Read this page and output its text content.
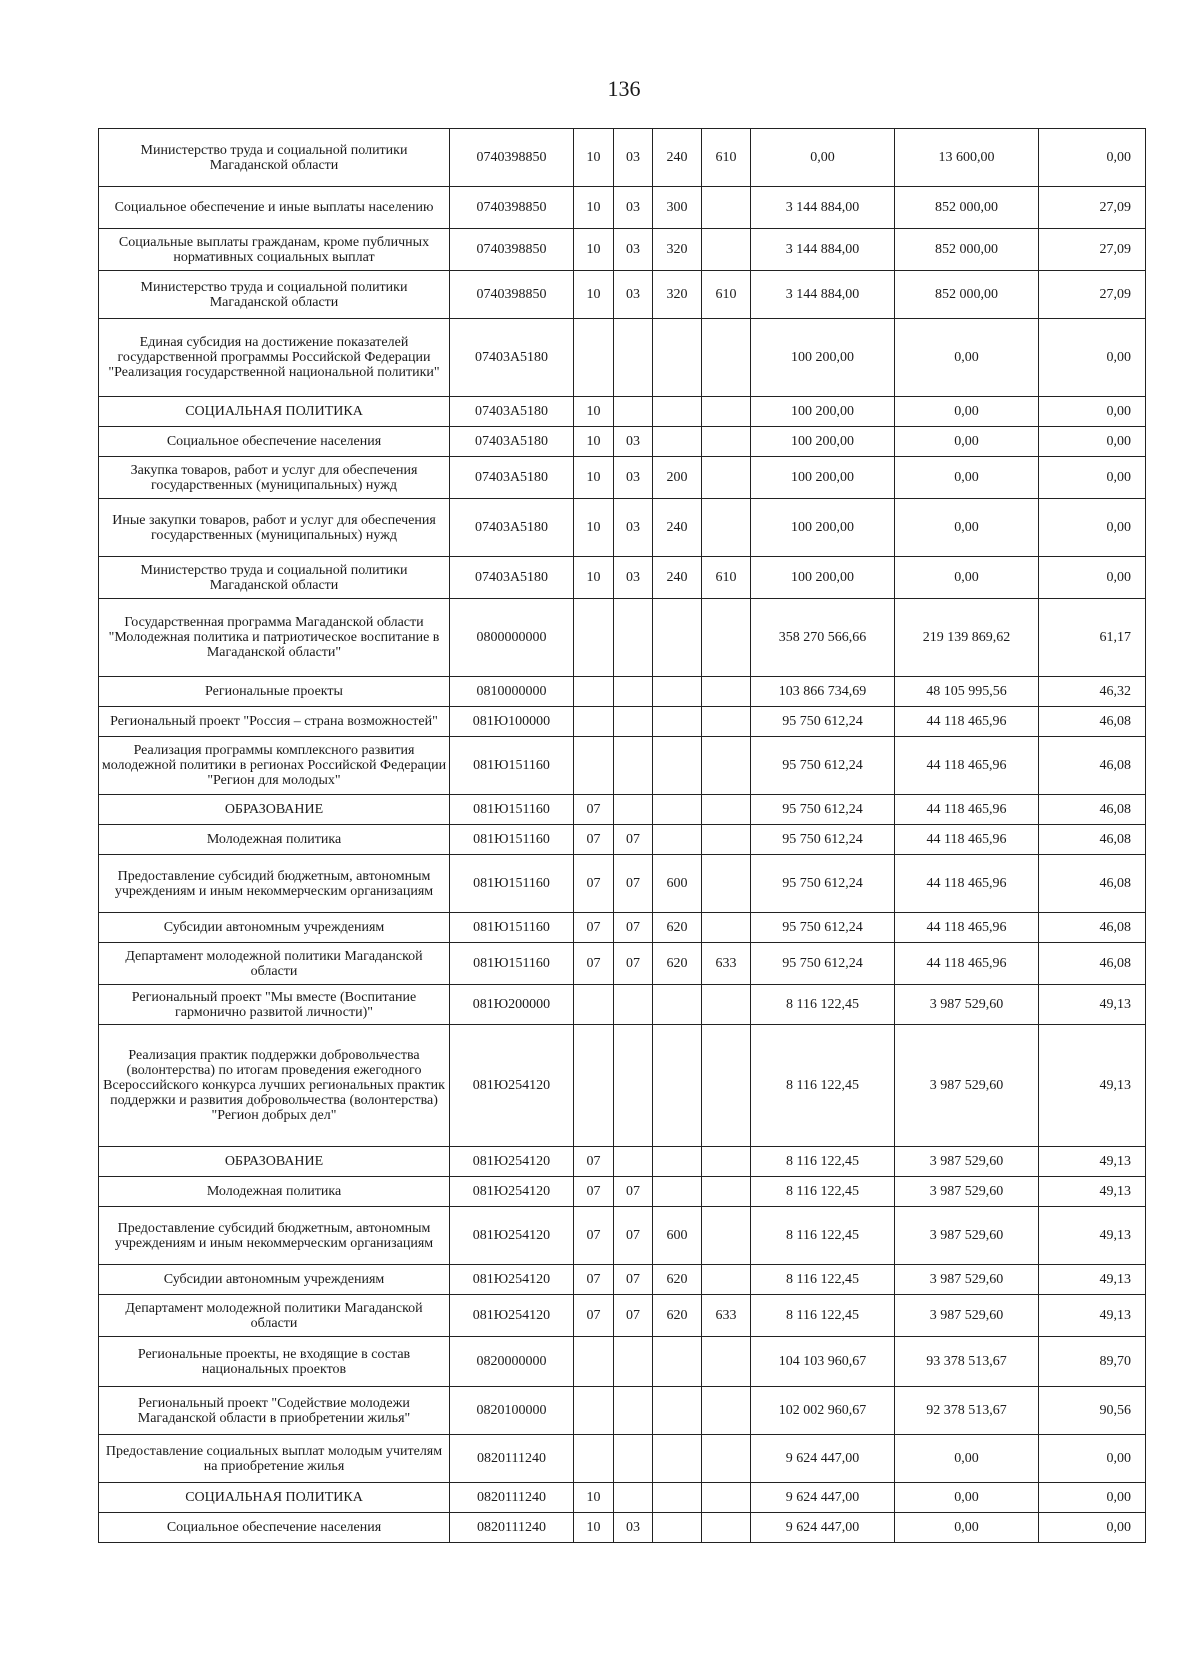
136
Министерство труда и социальной политики Магаданской области	0740398850	10	03	240	610	0,00	13 600,00	0,00
Социальное обеспечение и иные выплаты населению	0740398850	10	03	300		3 144 884,00	852 000,00	27,09
Социальные выплаты гражданам, кроме публичных нормативных социальных выплат	0740398850	10	03	320		3 144 884,00	852 000,00	27,09
Министерство труда и социальной политики Магаданской области	0740398850	10	03	320	610	3 144 884,00	852 000,00	27,09
Единая субсидия на достижение показателей государственной программы Российской Федерации "Реализация государственной национальной политики"	07403A5180					100 200,00	0,00	0,00
СОЦИАЛЬНАЯ ПОЛИТИКА	07403A5180	10				100 200,00	0,00	0,00
Социальное обеспечение населения	07403A5180	10	03			100 200,00	0,00	0,00
Закупка товаров, работ и услуг для обеспечения государственных (муниципальных) нужд	07403A5180	10	03	200		100 200,00	0,00	0,00
Иные закупки товаров, работ и услуг для обеспечения государственных (муниципальных) нужд	07403A5180	10	03	240		100 200,00	0,00	0,00
Министерство труда и социальной политики Магаданской области	07403A5180	10	03	240	610	100 200,00	0,00	0,00
Государственная программа Магаданской области "Молодежная политика и патриотическое воспитание в Магаданской области"	0800000000					358 270 566,66	219 139 869,62	61,17
Региональные проекты	0810000000					103 866 734,69	48 105 995,56	46,32
Региональный проект "Россия – страна возможностей"	081Ю100000					95 750 612,24	44 118 465,96	46,08
Реализация программы комплексного развития молодежной политики в регионах Российской Федерации "Регион для молодых"	081Ю151160					95 750 612,24	44 118 465,96	46,08
ОБРАЗОВАНИЕ	081Ю151160	07				95 750 612,24	44 118 465,96	46,08
Молодежная политика	081Ю151160	07	07			95 750 612,24	44 118 465,96	46,08
Предоставление субсидий бюджетным, автономным учреждениям и иным некоммерческим организациям	081Ю151160	07	07	600		95 750 612,24	44 118 465,96	46,08
Субсидии автономным учреждениям	081Ю151160	07	07	620		95 750 612,24	44 118 465,96	46,08
Департамент молодежной политики Магаданской области	081Ю151160	07	07	620	633	95 750 612,24	44 118 465,96	46,08
Региональный проект "Мы вместе (Воспитание гармонично развитой личности)"	081Ю200000					8 116 122,45	3 987 529,60	49,13
Реализация практик поддержки добровольчества (волонтерства) по итогам проведения ежегодного Всероссийского конкурса лучших региональных практик поддержки и развития добровольчества (волонтерства) "Регион добрых дел"	081Ю254120					8 116 122,45	3 987 529,60	49,13
ОБРАЗОВАНИЕ	081Ю254120	07				8 116 122,45	3 987 529,60	49,13
Молодежная политика	081Ю254120	07	07			8 116 122,45	3 987 529,60	49,13
Предоставление субсидий бюджетным, автономным учреждениям и иным некоммерческим организациям	081Ю254120	07	07	600		8 116 122,45	3 987 529,60	49,13
Субсидии автономным учреждениям	081Ю254120	07	07	620		8 116 122,45	3 987 529,60	49,13
Департамент молодежной политики Магаданской области	081Ю254120	07	07	620	633	8 116 122,45	3 987 529,60	49,13
Региональные проекты, не входящие в состав национальных проектов	0820000000					104 103 960,67	93 378 513,67	89,70
Региональный проект "Содействие молодежи Магаданской области в приобретении жилья"	0820100000					102 002 960,67	92 378 513,67	90,56
Предоставление социальных выплат молодым учителям на приобретение жилья	0820111240					9 624 447,00	0,00	0,00
СОЦИАЛЬНАЯ ПОЛИТИКА	0820111240	10				9 624 447,00	0,00	0,00
Социальное обеспечение населения	0820111240	10	03			9 624 447,00	0,00	0,00
